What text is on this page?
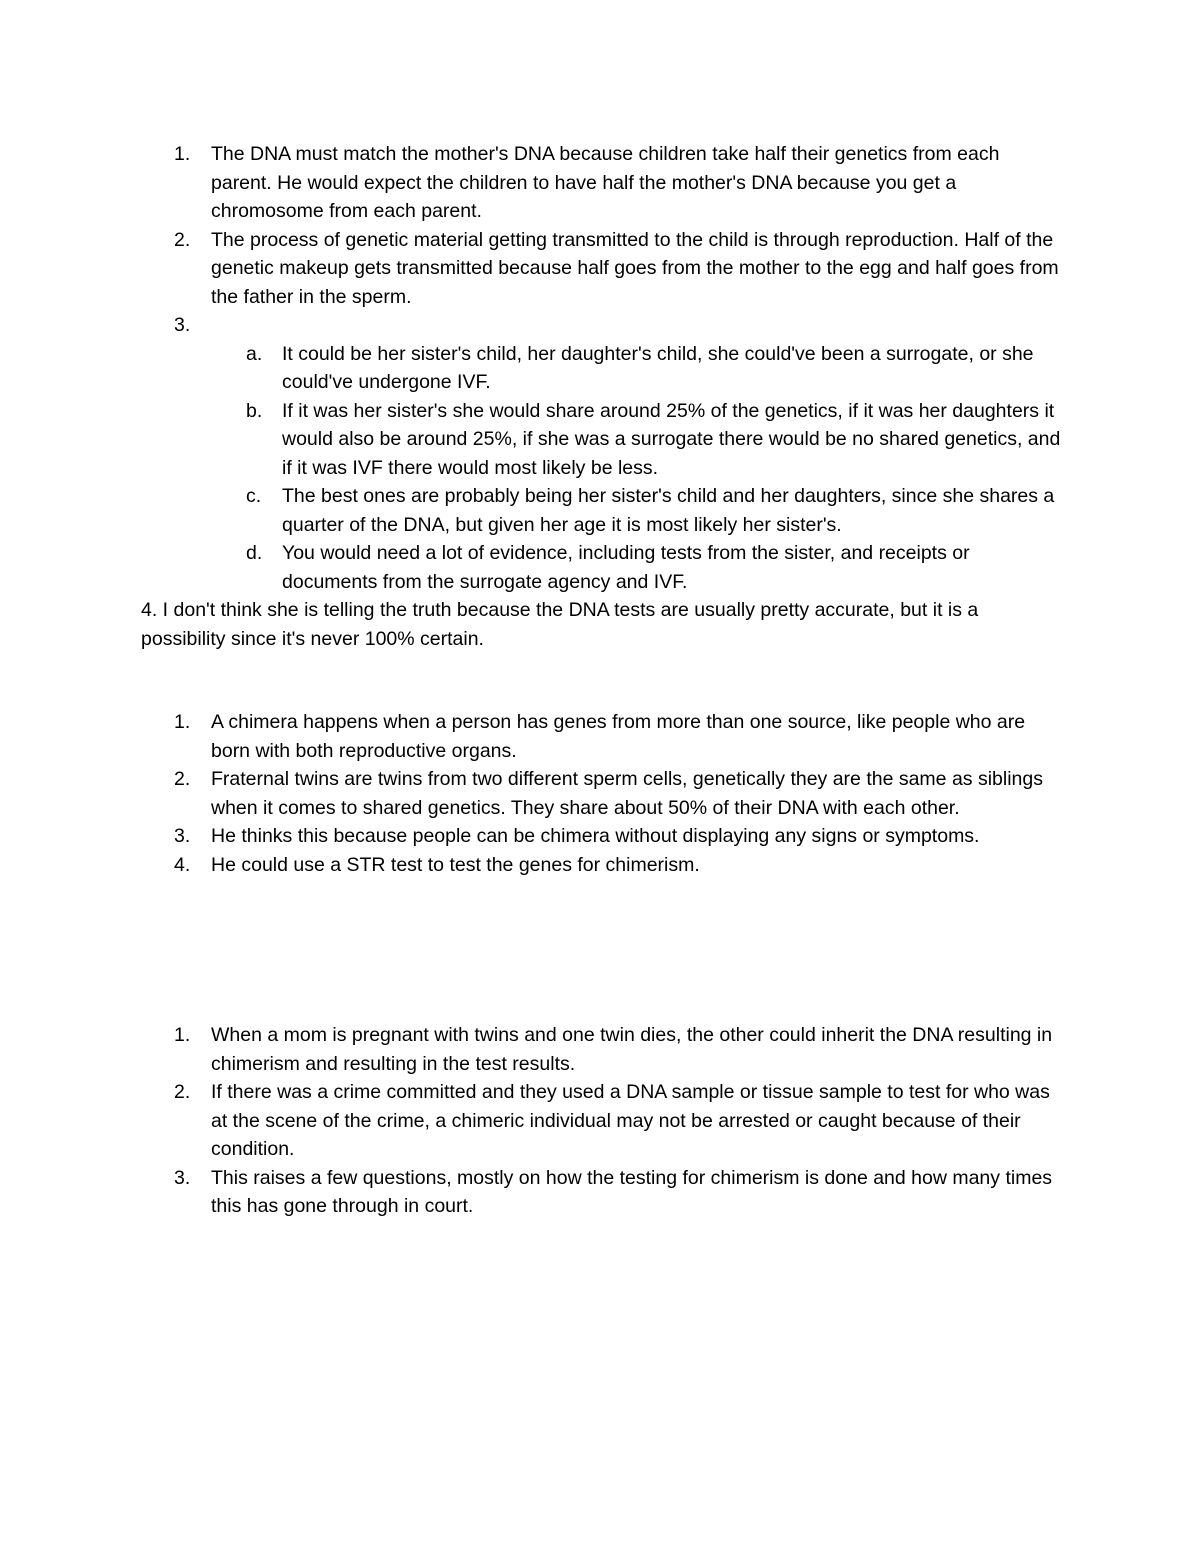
1.	The DNA must match the mother's DNA because children take half their genetics from each parent. He would expect the children to have half the mother's DNA because you get a chromosome from each parent.
2.	The process of genetic material getting transmitted to the child is through reproduction. Half of the genetic makeup gets transmitted because half goes from the mother to the egg and half goes from the father in the sperm.
3.
a.	It could be her sister's child, her daughter's child, she could've been a surrogate, or she could've undergone IVF.
b.	If it was her sister's she would share around 25% of the genetics, if it was her daughters it would also be around 25%, if she was a surrogate there would be no shared genetics, and if it was IVF there would most likely be less.
c.	The best ones are probably being her sister's child and her daughters, since she shares a quarter of the DNA, but given her age it is most likely her sister's.
d.	You would need a lot of evidence, including tests from the sister, and receipts or documents from the surrogate agency and IVF.
4. I don't think she is telling the truth because the DNA tests are usually pretty accurate, but it is a possibility since it's never 100% certain.
1.	A chimera happens when a person has genes from more than one source, like people who are born with both reproductive organs.
2.	Fraternal twins are twins from two different sperm cells, genetically they are the same as siblings when it comes to shared genetics. They share about 50% of their DNA with each other.
3.	He thinks this because people can be chimera without displaying any signs or symptoms.
4.	He could use a STR test to test the genes for chimerism.
1.	When a mom is pregnant with twins and one twin dies, the other could inherit the DNA resulting in chimerism and resulting in the test results.
2.	If there was a crime committed and they used a DNA sample or tissue sample to test for who was at the scene of the crime, a chimeric individual may not be arrested or caught because of their condition.
3.	This raises a few questions, mostly on how the testing for chimerism is done and how many times this has gone through in court.
